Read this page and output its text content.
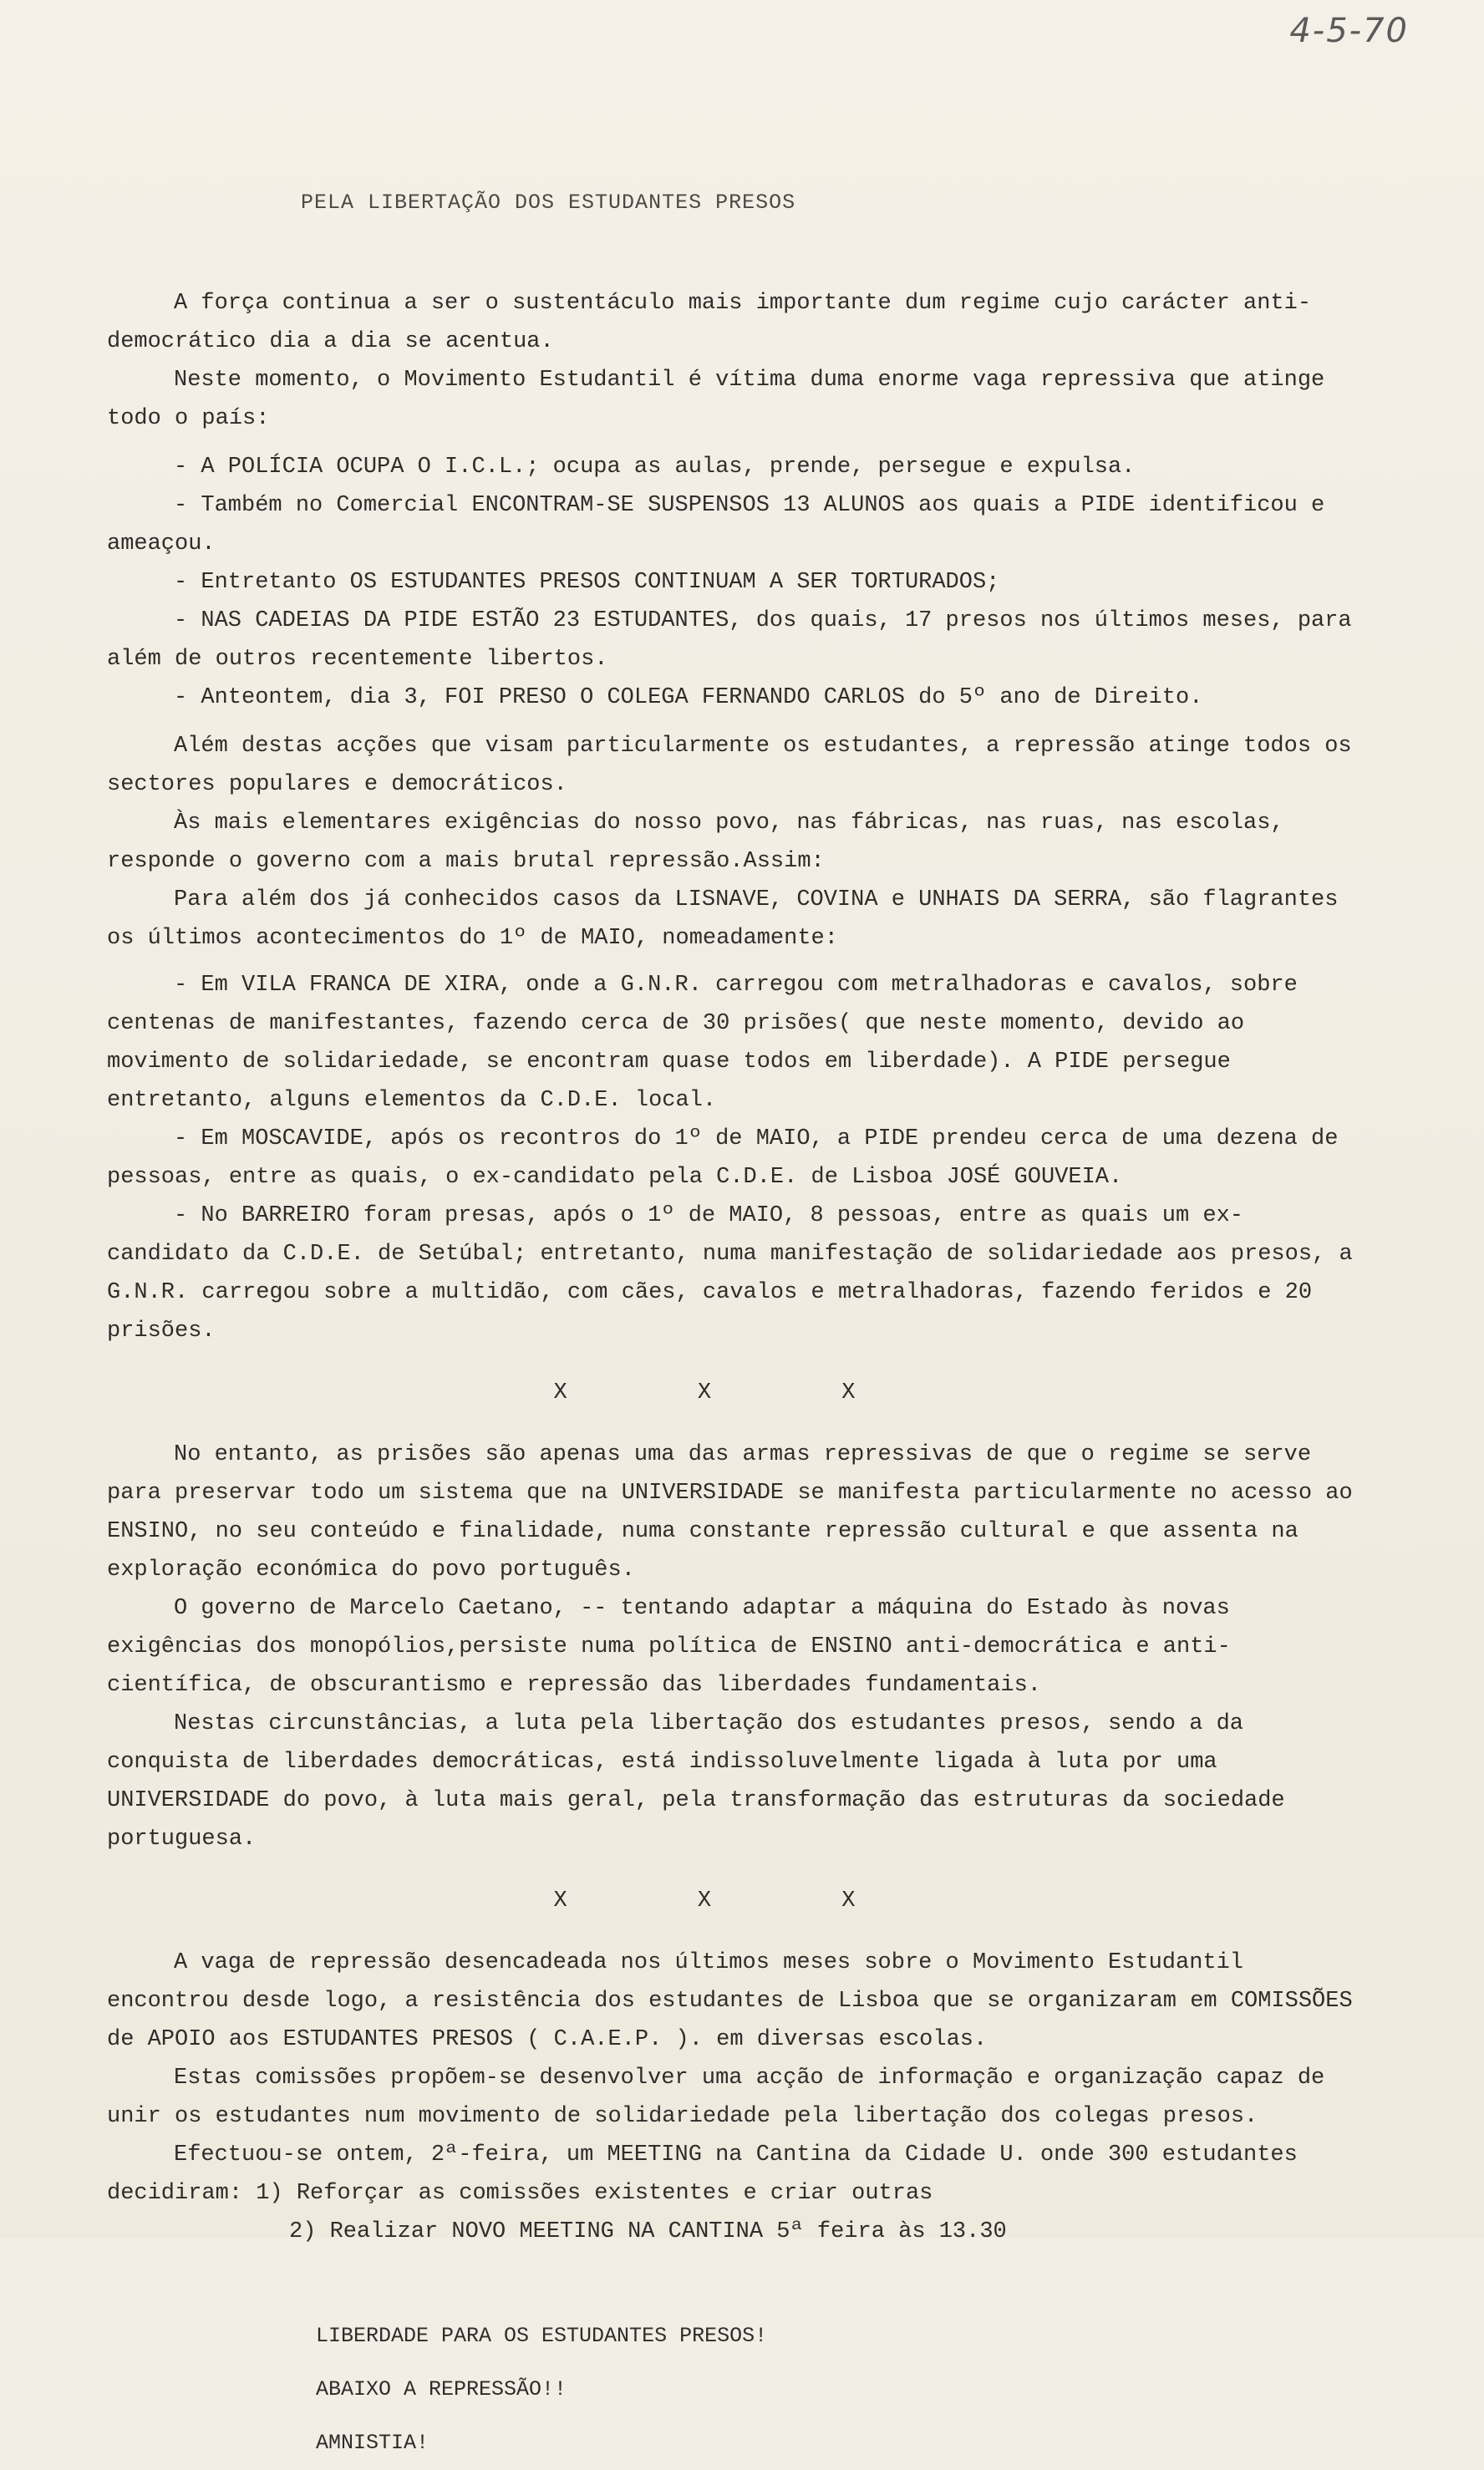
4-5-70
PELA LIBERTAÇÃO DOS ESTUDANTES PRESOS

A força continua a ser o sustentáculo mais importante dum regime cujo carácter anti-democrático dia a dia se acentua.

Neste momento, o Movimento Estudantil é vítima duma enorme vaga repressiva que atinge todo o país:

- A POLÍCIA OCUPA O I.C.L.; ocupa as aulas, prende, persegue e expulsa.

- Também no Comercial ENCONTRAM-SE SUSPENSOS 13 ALUNOS aos quais a PIDE identificou e ameaçou.

- Entretanto OS ESTUDANTES PRESOS CONTINUAM A SER TORTURADOS;

- NAS CADEIAS DA PIDE ESTÃO 23 ESTUDANTES, dos quais, 17 presos nos últimos meses, para além de outros recentemente libertos.

- Anteontem, dia 3, FOI PRESO O COLEGA FERNANDO CARLOS do 5º ano de Direito.

Além destas acções que visam particularmente os estudantes, a repressão atinge todos os sectores populares e democráticos.

Às mais elementares exigências do nosso povo, nas fábricas, nas ruas, nas escolas, responde o governo com a mais brutal repressão.Assim:

Para além dos já conhecidos casos da LISNAVE, COVINA e UNHAIS DA SERRA, são flagrantes os últimos acontecimentos do 1º de MAIO, nomeadamente:

- Em VILA FRANCA DE XIRA, onde a G.N.R. carregou com metralhadoras e cavalos, sobre centenas de manifestantes, fazendo cerca de 30 prisões( que neste momento, devido ao movimento de solidariedade, se encontram quase todos em liberdade). A PIDE persegue entretanto, alguns elementos da C.D.E. local.

- Em MOSCAVIDE, após os recontros do 1º de MAIO, a PIDE prendeu cerca de uma dezena de pessoas, entre as quais, o ex-candidato pela C.D.E. de Lisboa JOSÉ GOUVEIA.

- No BARREIRO foram presas, após o 1º de MAIO, 8 pessoas, entre as quais um ex-candidato da C.D.E. de Setúbal; entretanto, numa manifestação de solidariedade aos presos, a G.N.R. carregou sobre a multidão, com cães, cavalos e metralhadoras, fazendo feridos e 20 prisões.

X X X

No entanto, as prisões são apenas uma das armas repressivas de que o regime se serve para preservar todo um sistema que na UNIVERSIDADE se manifesta particularmente no acesso ao ENSINO, no seu conteúdo e finalidade, numa constante repressão cultural e que assenta na exploração económica do povo português.

O governo de Marcelo Caetano, -- tentando adaptar a máquina do Estado às novas exigências dos monopólios,persiste numa política de ENSINO anti-democrática e anti-científica, de obscurantismo e repressão das liberdades fundamentais.

Nestas circunstâncias, a luta pela libertação dos estudantes presos, sendo a da conquista de liberdades democráticas, está indissoluvelmente ligada à luta por uma UNIVERSIDADE do povo, à luta mais geral, pela transformação das estruturas da sociedade portuguesa.

X X X

A vaga de repressão desencadeada nos últimos meses sobre o Movimento Estudantil encontrou desde logo, a resistência dos estudantes de Lisboa que se organizaram em COMISSÕES de APOIO aos ESTUDANTES PRESOS ( C.A.E.P. ). em diversas escolas.

Estas comissões propõem-se desenvolver uma acção de informação e organização capaz de unir os estudantes num movimento de solidariedade pela libertação dos colegas presos.

Efectuou-se ontem, 2ª-feira, um MEETING na Cantina da Cidade U. onde 300 estudantes decidiram: 1) Reforçar as comissões existentes e criar outras

2) Realizar NOVO MEETING NA CANTINA 5ª feira às 13.30

LIBERDADE PARA OS ESTUDANTES PRESOS!

ABAIXO A REPRESSÃO!!

AMNISTIA!
